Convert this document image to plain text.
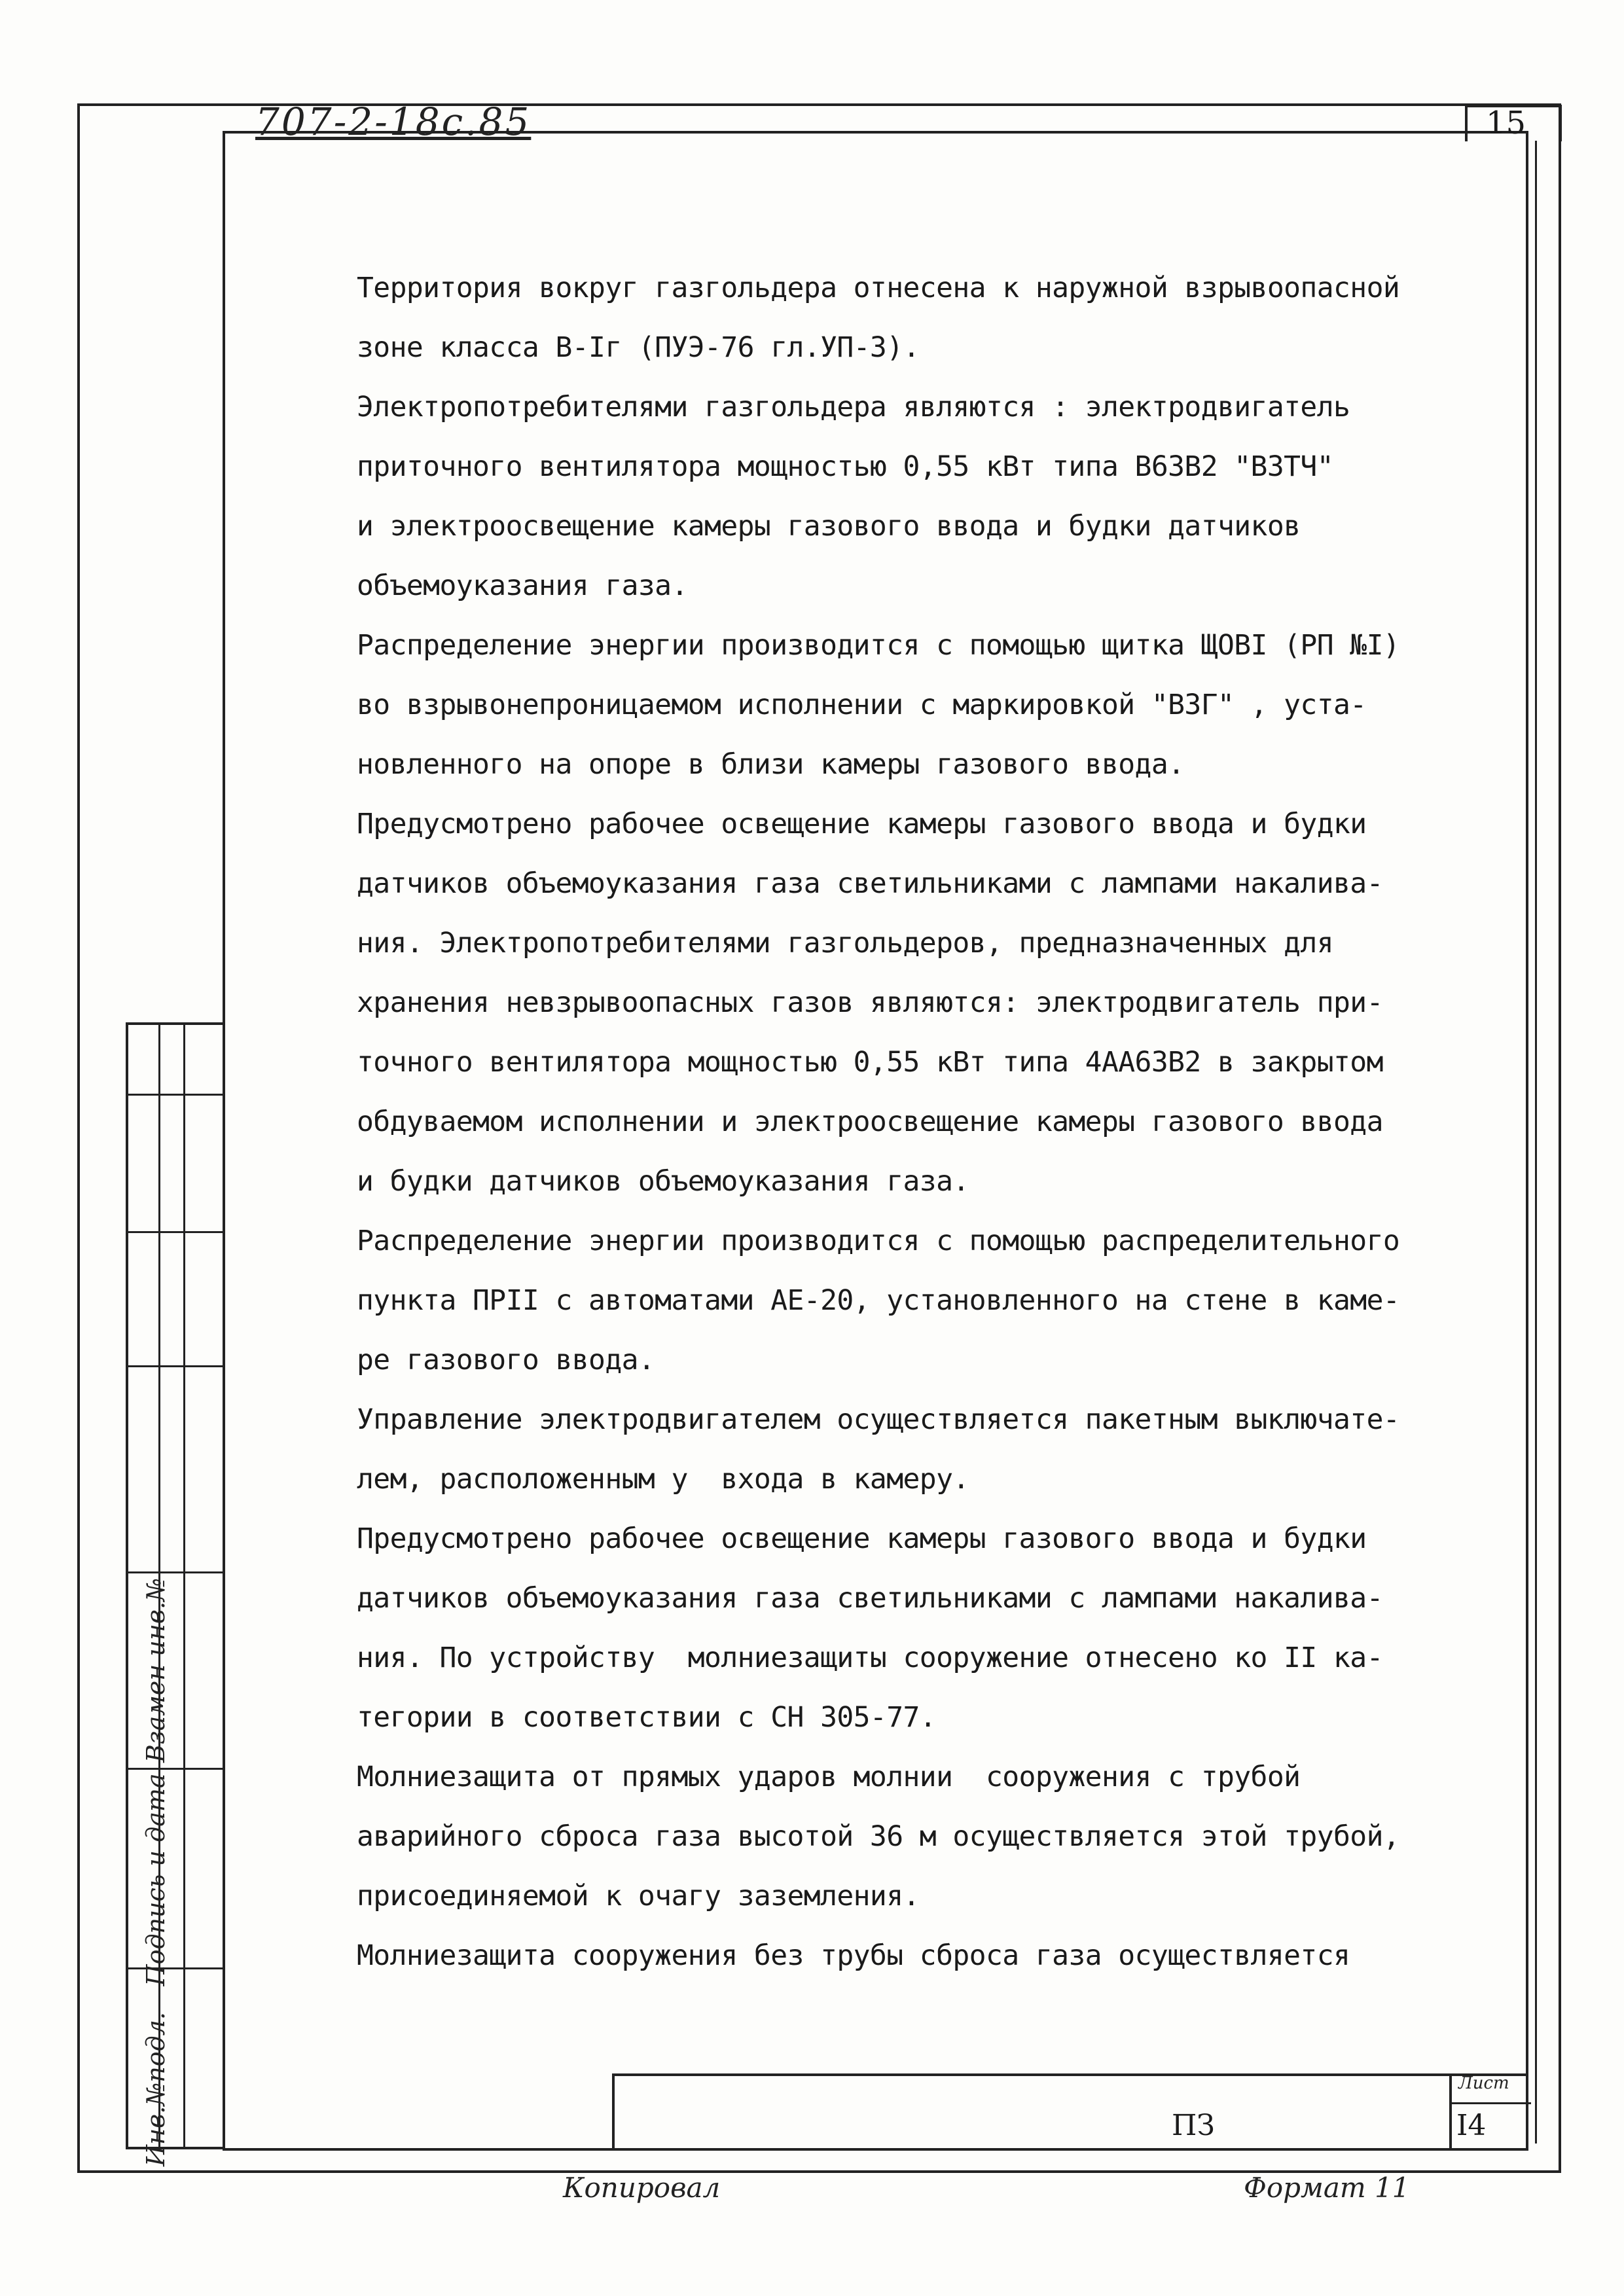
707-2-18с.85	15

Территория вокруг газгольдера отнесена к наружной взрывоопасной

зоне класса В-Iг (ПУЭ-76 гл.УП-3).

Электропотребителями газгольдера являются : электродвигатель

приточного вентилятора мощностью 0,55 кВт типа В63В2 "ВЗТЧ"

и электроосвещение камеры газового ввода и будки датчиков

объемоуказания газа.

Распределение энергии производится с помощью щитка ЩОВI (РП №I)

во взрывонепроницаемом исполнении с маркировкой "ВЗГ" , уста-

новленного на опоре в близи камеры газового ввода.

Предусмотрено рабочее освещение камеры газового ввода и будки

датчиков объемоуказания газа светильниками с лампами накалива-

ния. Электропотребителями газгольдеров, предназначенных для

хранения невзрывоопасных газов являются: электродвигатель при-

точного вентилятора мощностью 0,55 кВт типа 4АА63В2 в закрытом

обдуваемом исполнении и электроосвещение камеры газового ввода

и будки датчиков объемоуказания газа.

Распределение энергии производится с помощью распределительного

пункта ПРII с автоматами АЕ-20, установленного на стене в каме-

ре газового ввода.

Управление электродвигателем осуществляется пакетным выключате-

лем, расположенным у  входа в камеру.

Предусмотрено рабочее освещение камеры газового ввода и будки

датчиков объемоуказания газа светильниками с лампами накалива-

ния. По устройству  молниезащиты сооружение отнесено ко II ка-

тегории в соответствии с СН 305-77.

Молниезащита от прямых ударов молнии  сооружения с трубой

аварийного сброса газа высотой 36 м осуществляется этой трубой,

присоединяемой к очагу заземления.

Молниезащита сооружения без трубы сброса газа осуществляется

Взамен инв.№
Подпись и дата
Инв.№подл.	Лист
I4
ПЗ
Копировал	Формат 11
